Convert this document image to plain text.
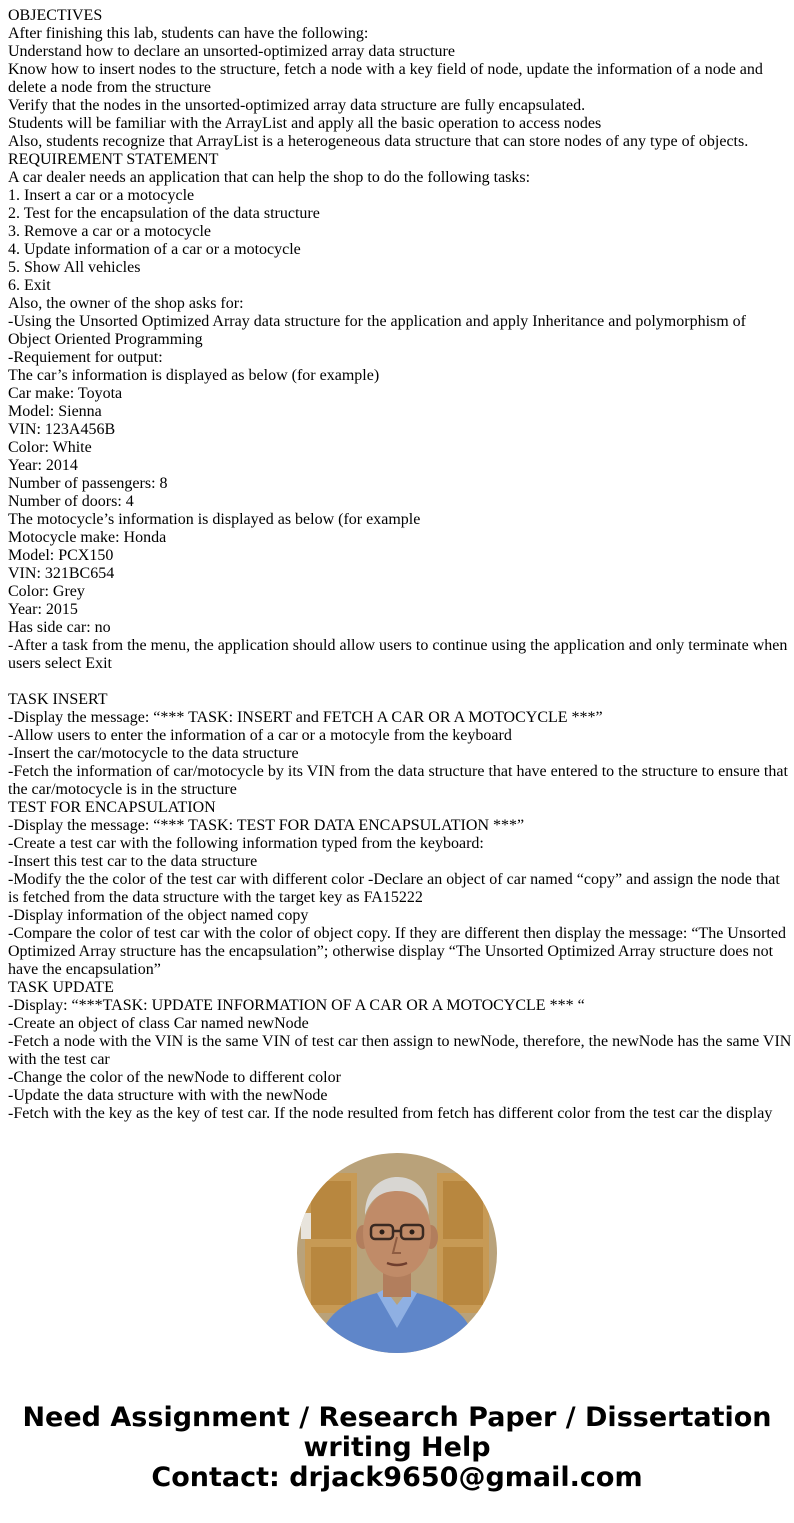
OBJECTIVES
After finishing this lab, students can have the following:
Understand how to declare an unsorted-optimized array data structure
Know how to insert nodes to the structure, fetch a node with a key field of node, update the information of a node and delete a node from the structure
Verify that the nodes in the unsorted-optimized array data structure are fully encapsulated.
Students will be familiar with the ArrayList and apply all the basic operation to access nodes
Also, students recognize that ArrayList is a heterogeneous data structure that can store nodes of any type of objects.
REQUIREMENT STATEMENT
A car dealer needs an application that can help the shop to do the following tasks:
1. Insert a car or a motocycle
2. Test for the encapsulation of the data structure
3. Remove a car or a motocycle
4. Update information of a car or a motocycle
5. Show All vehicles
6. Exit
Also, the owner of the shop asks for:
-Using the Unsorted Optimized Array data structure for the application and apply Inheritance and polymorphism of Object Oriented Programming
-Requiement for output:
The car’s information is displayed as below (for example)
Car make: Toyota
Model: Sienna
VIN: 123A456B
Color: White
Year: 2014
Number of passengers: 8
Number of doors: 4
The motocycle’s information is displayed as below (for example
Motocycle make: Honda
Model: PCX150
VIN: 321BC654
Color: Grey
Year: 2015
Has side car: no
-After a task from the menu, the application should allow users to continue using the application and only terminate when users select Exit
TASK INSERT
-Display the message: “*** TASK: INSERT and FETCH A CAR OR A MOTOCYCLE ***”
-Allow users to enter the information of a car or a motocyle from the keyboard
-Insert the car/motocycle to the data structure
-Fetch the information of car/motocycle by its VIN from the data structure that have entered to the structure to ensure that the car/motocycle is in the structure
TEST FOR ENCAPSULATION
-Display the message: “*** TASK: TEST FOR DATA ENCAPSULATION ***”
-Create a test car with the following information typed from the keyboard:
-Insert this test car to the data structure
-Modify the the color of the test car with different color -Declare an object of car named “copy” and assign the node that is fetched from the data structure with the target key as FA15222
-Display information of the object named copy
-Compare the color of test car with the color of object copy. If they are different then display the message: “The Unsorted Optimized Array structure has the encapsulation”; otherwise display “The Unsorted Optimized Array structure does not have the encapsulation”
TASK UPDATE
-Display: “***TASK: UPDATE INFORMATION OF A CAR OR A MOTOCYCLE *** “
-Create an object of class Car named newNode
-Fetch a node with the VIN is the same VIN of test car then assign to newNode, therefore, the newNode has the same VIN with the test car
-Change the color of the newNode to different color
-Update the data structure with with the newNode
-Fetch with the key as the key of test car. If the node resulted from fetch has different color from the test car the display
Need Assignment / Research Paper / Dissertation
writing Help
Contact: drjack9650@gmail.com
